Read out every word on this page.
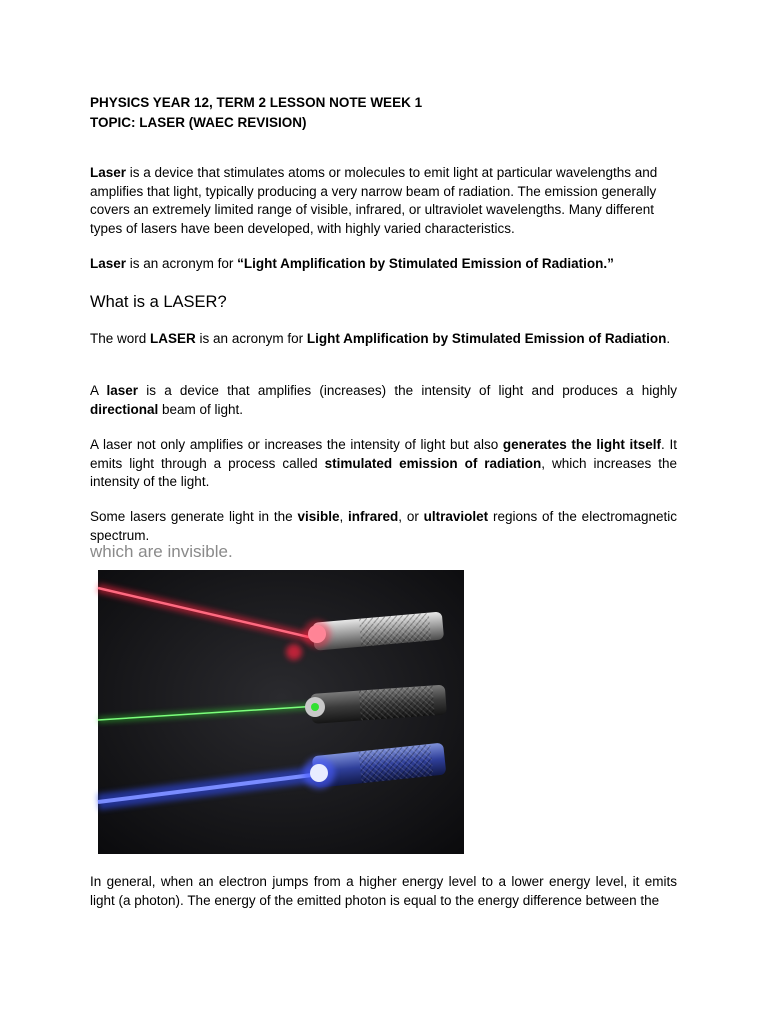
PHYSICS YEAR 12, TERM 2 LESSON NOTE WEEK 1

TOPIC: LASER (WAEC REVISION)

Laser is a device that stimulates atoms or molecules to emit light at particular wavelengths and amplifies that light, typically producing a very narrow beam of radiation. The emission generally covers an extremely limited range of visible, infrared, or ultraviolet wavelengths. Many different types of lasers have been developed, with highly varied characteristics.

Laser is an acronym for “Light Amplification by Stimulated Emission of Radiation.”

What is a LASER?

The word LASER is an acronym for Light Amplification by Stimulated Emission of Radiation.

A laser is a device that amplifies (increases) the intensity of light and produces a highly directional beam of light.

A laser not only amplifies or increases the intensity of light but also generates the light itself. It emits light through a process called stimulated emission of radiation, which increases the intensity of the light.

Some lasers generate light in the visible, infrared, or ultraviolet regions of the electromagnetic spectrum.

which are invisible.

In general, when an electron jumps from a higher energy level to a lower energy level, it emits light (a photon). The energy of the emitted photon is equal to the energy difference between the
